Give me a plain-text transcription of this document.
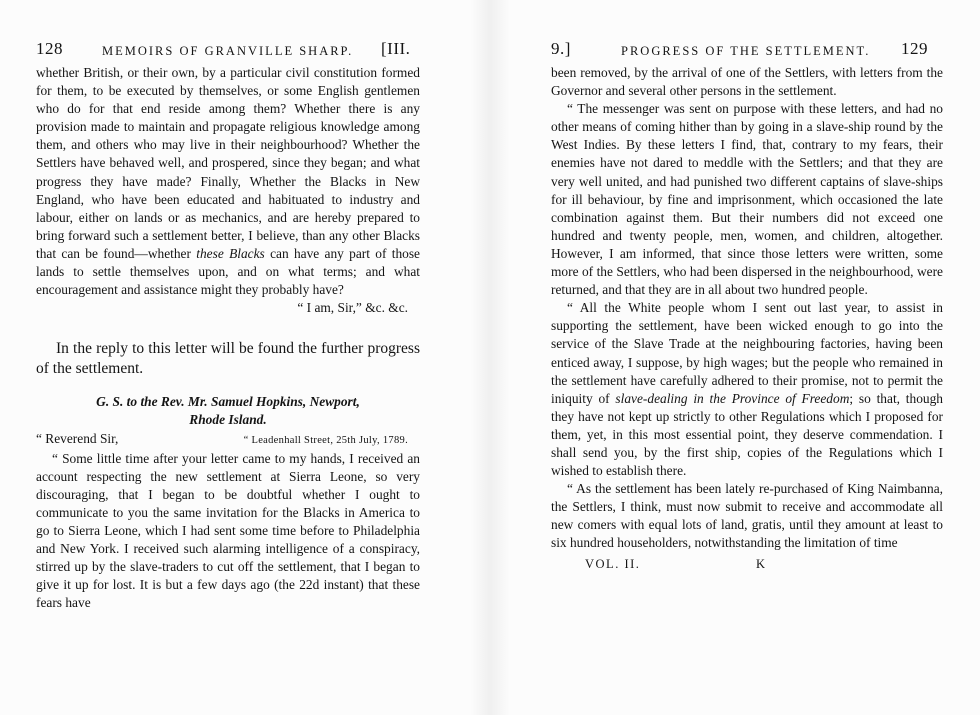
128	MEMOIRS OF GRANVILLE SHARP. [III.

whether British, or their own, by a particular civil constitution formed for them, to be executed by themselves, or some English gentlemen who do for that end reside among them? Whether there is any provision made to maintain and propagate religious knowledge among them, and others who may live in their neighbourhood? Whether the Settlers have behaved well, and prospered, since they began; and what progress they have made? Finally, Whether the Blacks in New England, who have been educated and habituated to industry and labour, either on lands or as mechanics, and are hereby prepared to bring forward such a settlement better, I believe, than any other Blacks that can be found—whether these Blacks can have any part of those lands to settle themselves upon, and on what terms; and what encouragement and assistance might they probably have?

“ I am, Sir,” &c. &c.

In the reply to this letter will be found the further progress of the settlement.

G. S. to the Rev. Mr. Samuel Hopkins, Newport,
Rhode Island.

“ Reverend Sir,	“ Leadenhall Street, 25th July, 1789.

“ Some little time after your letter came to my hands, I received an account respecting the new settlement at Sierra Leone, so very discouraging, that I began to be doubtful whether I ought to communicate to you the same invitation for the Blacks in America to go to Sierra Leone, which I had sent some time before to Philadelphia and New York. I received such alarming intelligence of a conspiracy, stirred up by the slave-traders to cut off the settlement, that I began to give it up for lost. It is but a few days ago (the 22d instant) that these fears have

9.]	PROGRESS OF THE SETTLEMENT. 129

been removed, by the arrival of one of the Settlers, with letters from the Governor and several other persons in the settlement.

“ The messenger was sent on purpose with these letters, and had no other means of coming hither than by going in a slave-ship round by the West Indies. By these letters I find, that, contrary to my fears, their enemies have not dared to meddle with the Settlers; and that they are very well united, and had punished two different captains of slave-ships for ill behaviour, by fine and imprisonment, which occasioned the late combination against them. But their numbers did not exceed one hundred and twenty people, men, women, and children, altogether. However, I am informed, that since those letters were written, some more of the Settlers, who had been dispersed in the neighbourhood, were returned, and that they are in all about two hundred people.

“ All the White people whom I sent out last year, to assist in supporting the settlement, have been wicked enough to go into the service of the Slave Trade at the neighbouring factories, having been enticed away, I suppose, by high wages; but the people who remained in the settlement have carefully adhered to their promise, not to permit the iniquity of slave-dealing in the Province of Freedom; so that, though they have not kept up strictly to other Regulations which I proposed for them, yet, in this most essential point, they deserve commendation. I shall send you, by the first ship, copies of the Regulations which I wished to establish there.

“ As the settlement has been lately re-purchased of King Naimbanna, the Settlers, I think, must now submit to receive and accommodate all new comers with equal lots of land, gratis, until they amount at least to six hundred householders, notwithstanding the limitation of time

VOL. II.	K
